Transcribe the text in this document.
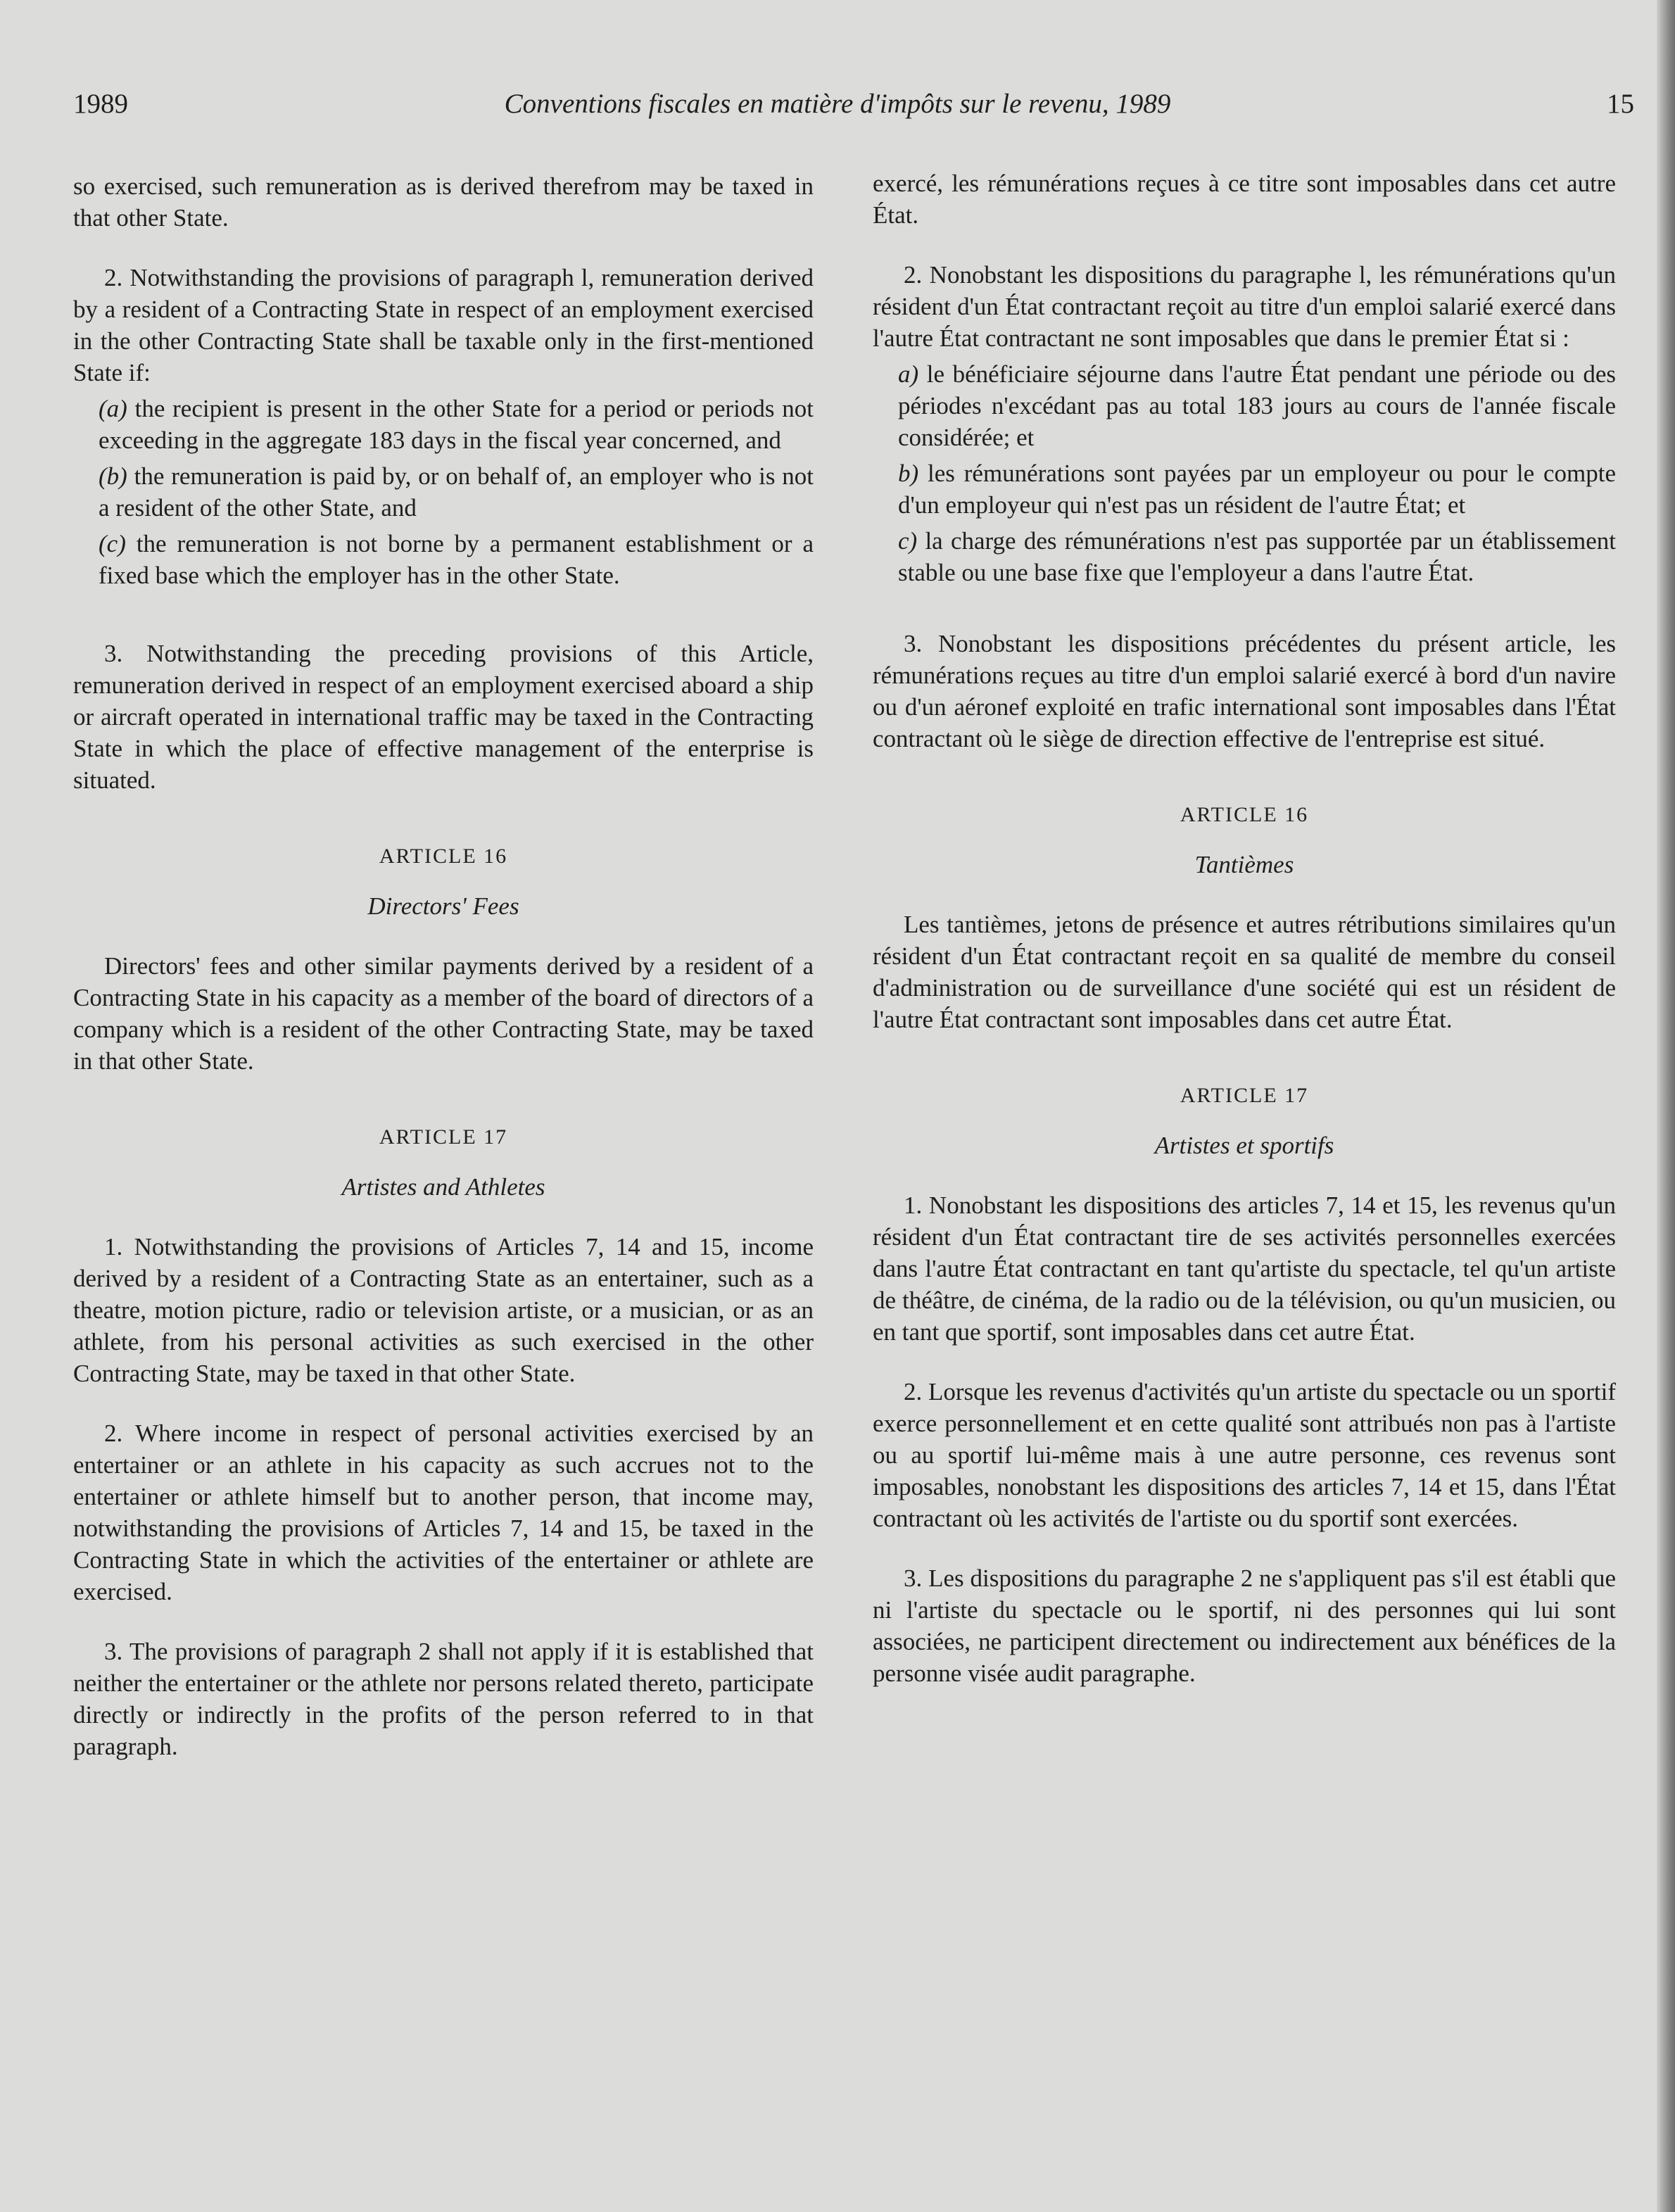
1989	Conventions fiscales en matière d'impôts sur le revenu, 1989	15

so exercised, such remuneration as is derived therefrom may be taxed in that other State.

2. Notwithstanding the provisions of paragraph l, remuneration derived by a resident of a Contracting State in respect of an employment exercised in the other Contracting State shall be taxable only in the first-mentioned State if:

(a) the recipient is present in the other State for a period or periods not exceeding in the aggregate 183 days in the fiscal year concerned, and

(b) the remuneration is paid by, or on behalf of, an employer who is not a resident of the other State, and

(c) the remuneration is not borne by a permanent establishment or a fixed base which the employer has in the other State.

3. Notwithstanding the preceding provisions of this Article, remuneration derived in respect of an employment exercised aboard a ship or aircraft operated in international traffic may be taxed in the Contracting State in which the place of effective management of the enterprise is situated.

ARTICLE 16

Directors' Fees

Directors' fees and other similar payments derived by a resident of a Contracting State in his capacity as a member of the board of directors of a company which is a resident of the other Contracting State, may be taxed in that other State.

ARTICLE 17

Artistes and Athletes

1. Notwithstanding the provisions of Articles 7, 14 and 15, income derived by a resident of a Contracting State as an entertainer, such as a theatre, motion picture, radio or television artiste, or a musician, or as an athlete, from his personal activities as such exercised in the other Contracting State, may be taxed in that other State.

2. Where income in respect of personal activities exercised by an entertainer or an athlete in his capacity as such accrues not to the entertainer or athlete himself but to another person, that income may, notwithstanding the provisions of Articles 7, 14 and 15, be taxed in the Contracting State in which the activities of the entertainer or athlete are exercised.

3. The provisions of paragraph 2 shall not apply if it is established that neither the entertainer or the athlete nor persons related thereto, participate directly or indirectly in the profits of the person referred to in that paragraph.

exercé, les rémunérations reçues à ce titre sont imposables dans cet autre État.

2. Nonobstant les dispositions du paragraphe l, les rémunérations qu'un résident d'un État contractant reçoit au titre d'un emploi salarié exercé dans l'autre État contractant ne sont imposables que dans le premier État si :

a) le bénéficiaire séjourne dans l'autre État pendant une période ou des périodes n'excédant pas au total 183 jours au cours de l'année fiscale considérée; et

b) les rémunérations sont payées par un employeur ou pour le compte d'un employeur qui n'est pas un résident de l'autre État; et

c) la charge des rémunérations n'est pas supportée par un établissement stable ou une base fixe que l'employeur a dans l'autre État.

3. Nonobstant les dispositions précédentes du présent article, les rémunérations reçues au titre d'un emploi salarié exercé à bord d'un navire ou d'un aéronef exploité en trafic international sont imposables dans l'État contractant où le siège de direction effective de l'entreprise est situé.

ARTICLE 16

Tantièmes

Les tantièmes, jetons de présence et autres rétributions similaires qu'un résident d'un État contractant reçoit en sa qualité de membre du conseil d'administration ou de surveillance d'une société qui est un résident de l'autre État contractant sont imposables dans cet autre État.

ARTICLE 17

Artistes et sportifs

1. Nonobstant les dispositions des articles 7, 14 et 15, les revenus qu'un résident d'un État contractant tire de ses activités personnelles exercées dans l'autre État contractant en tant qu'artiste du spectacle, tel qu'un artiste de théâtre, de cinéma, de la radio ou de la télévision, ou qu'un musicien, ou en tant que sportif, sont imposables dans cet autre État.

2. Lorsque les revenus d'activités qu'un artiste du spectacle ou un sportif exerce personnellement et en cette qualité sont attribués non pas à l'artiste ou au sportif lui-même mais à une autre personne, ces revenus sont imposables, nonobstant les dispositions des articles 7, 14 et 15, dans l'État contractant où les activités de l'artiste ou du sportif sont exercées.

3. Les dispositions du paragraphe 2 ne s'appliquent pas s'il est établi que ni l'artiste du spectacle ou le sportif, ni des personnes qui lui sont associées, ne participent directement ou indirectement aux bénéfices de la personne visée audit paragraphe.
